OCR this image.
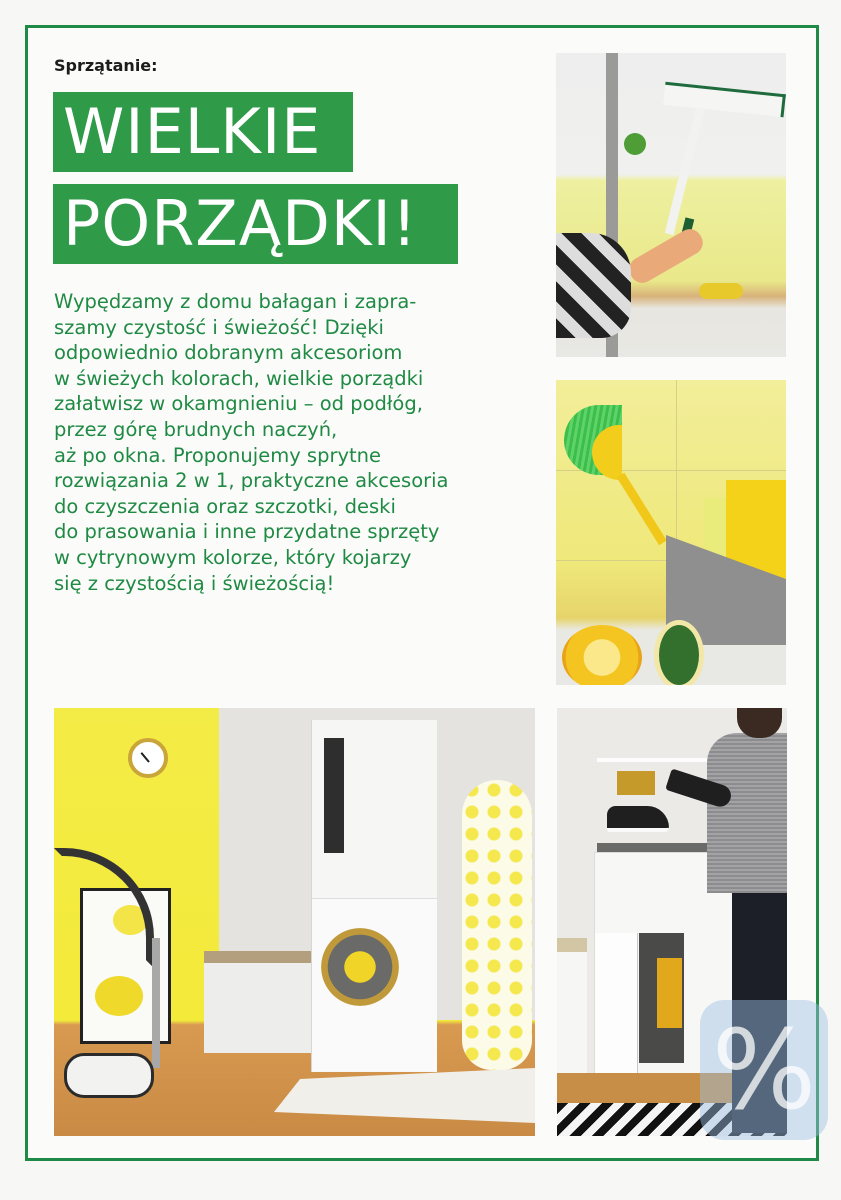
Sprzątanie:
WIELKIE
PORZĄDKI!

Wypędzamy z domu bałagan i zapra-
szamy czystość i świeżość! Dzięki
odpowiednio dobranym akcesoriom
w świeżych kolorach, wielkie porządki
załatwisz w okamgnieniu – od podłóg,
przez górę brudnych naczyń,
aż po okna. Proponujemy sprytne
rozwiązania 2 w 1, praktyczne akcesoria
do czyszczenia oraz szczotki, deski
do prasowania i inne przydatne sprzęty
w cytrynowym kolorze, który kojarzy
się z czystością i świeżością!

%
